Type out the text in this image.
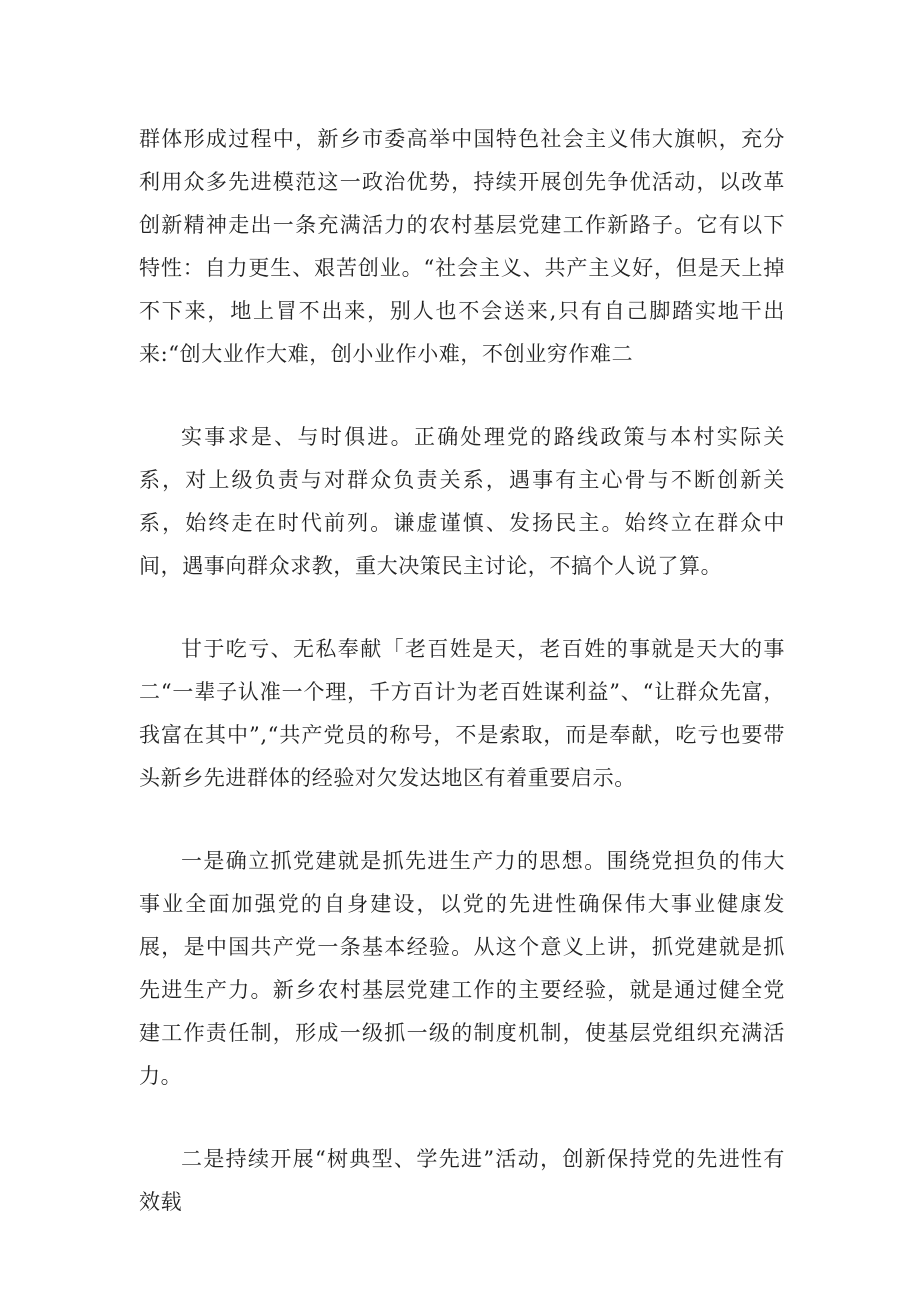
群体形成过程中，新乡市委高举中国特色社会主义伟大旗帜，充分利用众多先进模范这一政治优势，持续开展创先争优活动，以改革创新精神走出一条充满活力的农村基层党建工作新路子。它有以下特性：自力更生、艰苦创业。“社会主义、共产主义好，但是天上掉不下来，地上冒不出来，别人也不会送来,只有自己脚踏实地干出来:“创大业作大难，创小业作小难，不创业穷作难二

实事求是、与时俱进。正确处理党的路线政策与本村实际关系，对上级负责与对群众负责关系，遇事有主心骨与不断创新关系，始终走在时代前列。谦虚谨慎、发扬民主。始终立在群众中间，遇事向群众求教，重大决策民主讨论，不搞个人说了算。

甘于吃亏、无私奉献「老百姓是天，老百姓的事就是天大的事二“一辈子认准一个理，千方百计为老百姓谋利益”、“让群众先富，我富在其中”,“共产党员的称号，不是索取，而是奉献，吃亏也要带头新乡先进群体的经验对欠发达地区有着重要启示。

一是确立抓党建就是抓先进生产力的思想。围绕党担负的伟大事业全面加强党的自身建设，以党的先进性确保伟大事业健康发展，是中国共产党一条基本经验。从这个意义上讲，抓党建就是抓先进生产力。新乡农村基层党建工作的主要经验，就是通过健全党建工作责任制，形成一级抓一级的制度机制，使基层党组织充满活力。

二是持续开展“树典型、学先进”活动，创新保持党的先进性有效载
